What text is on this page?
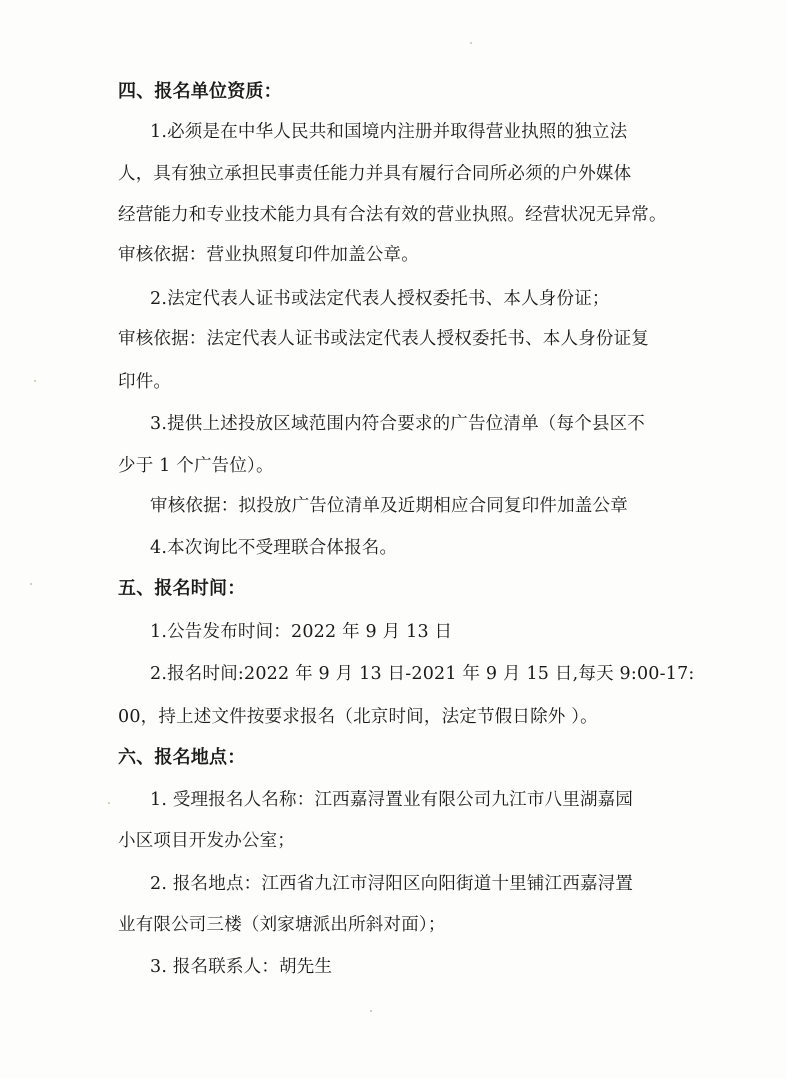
四、报名单位资质：
1.必须是在中华人民共和国境内注册并取得营业执照的独立法
人，具有独立承担民事责任能力并具有履行合同所必须的户外媒体
经营能力和专业技术能力具有合法有效的营业执照。经营状况无异常。
审核依据：营业执照复印件加盖公章。
2.法定代表人证书或法定代表人授权委托书、本人身份证；
审核依据：法定代表人证书或法定代表人授权委托书、本人身份证复
印件。
3.提供上述投放区域范围内符合要求的广告位清单（每个县区不
少于 1 个广告位）。
审核依据：拟投放广告位清单及近期相应合同复印件加盖公章
4.本次询比不受理联合体报名。
五、报名时间：
1.公告发布时间：2022 年 9 月 13 日
2.报名时间:2022 年 9 月 13 日-2021 年 9 月 15 日,每天 9:00-17:
00，持上述文件按要求报名（北京时间，法定节假日除外 ）。
六、报名地点：
1. 受理报名人名称：江西嘉浔置业有限公司九江市八里湖嘉园
小区项目开发办公室；
2. 报名地点：江西省九江市浔阳区向阳街道十里铺江西嘉浔置
业有限公司三楼（刘家塘派出所斜对面）；
3. 报名联系人：胡先生
